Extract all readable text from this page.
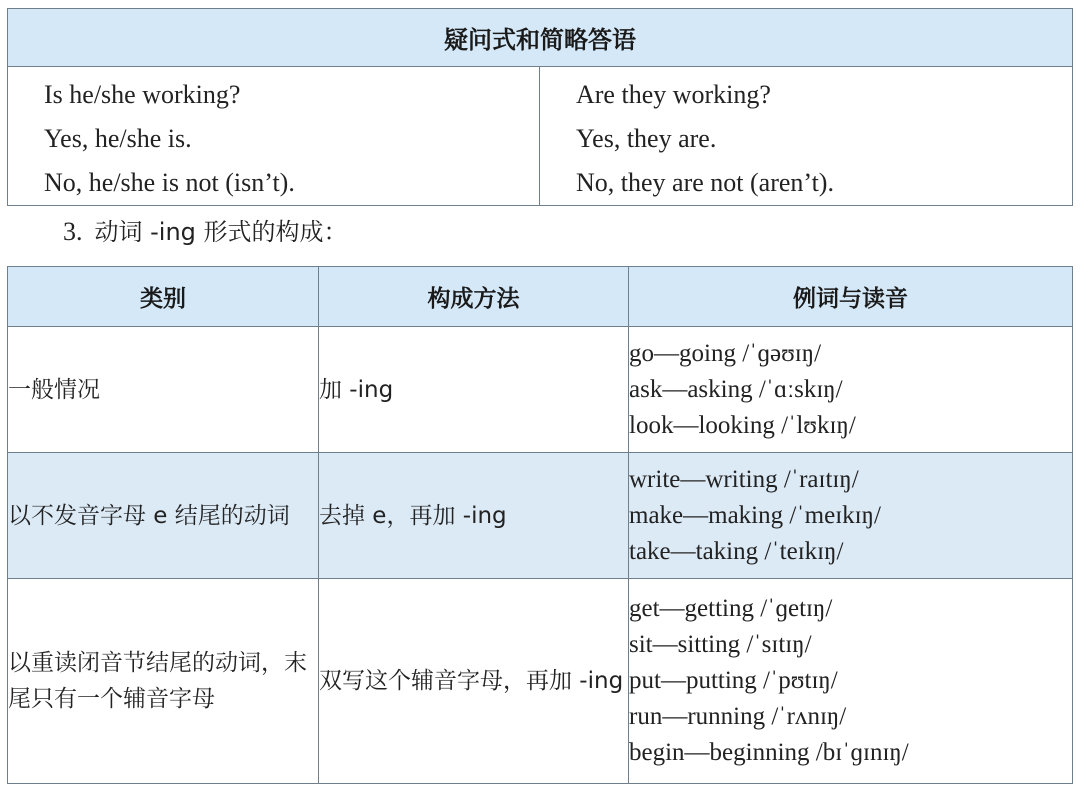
疑问式和简略答语

Is he/she working?
Yes, he/she is.
No, he/she is not (isn’t).

Are they working?
Yes, they are.
No, they are not (aren’t).
3. 动词 -ing 形式的构成：
类别	构成方法	例词与读音
一般情况	加 -ing	go—going /ˈɡəʊɪŋ/
ask—asking /ˈɑːskɪŋ/
look—looking /ˈlʊkɪŋ/

以不发音字母 e 结尾的动词	去掉 e，再加 -ing	write—writing /ˈraɪtɪŋ/
make—making /ˈmeɪkɪŋ/
take—taking /ˈteɪkɪŋ/

以重读闭音节结尾的动词，末尾只有一个辅音字母	双写这个辅音字母，再加 -ing	get—getting /ˈɡetɪŋ/
sit—sitting /ˈsɪtɪŋ/
put—putting /ˈpʊtɪŋ/
run—running /ˈrʌnɪŋ/
begin—beginning /bɪˈɡɪnɪŋ/
